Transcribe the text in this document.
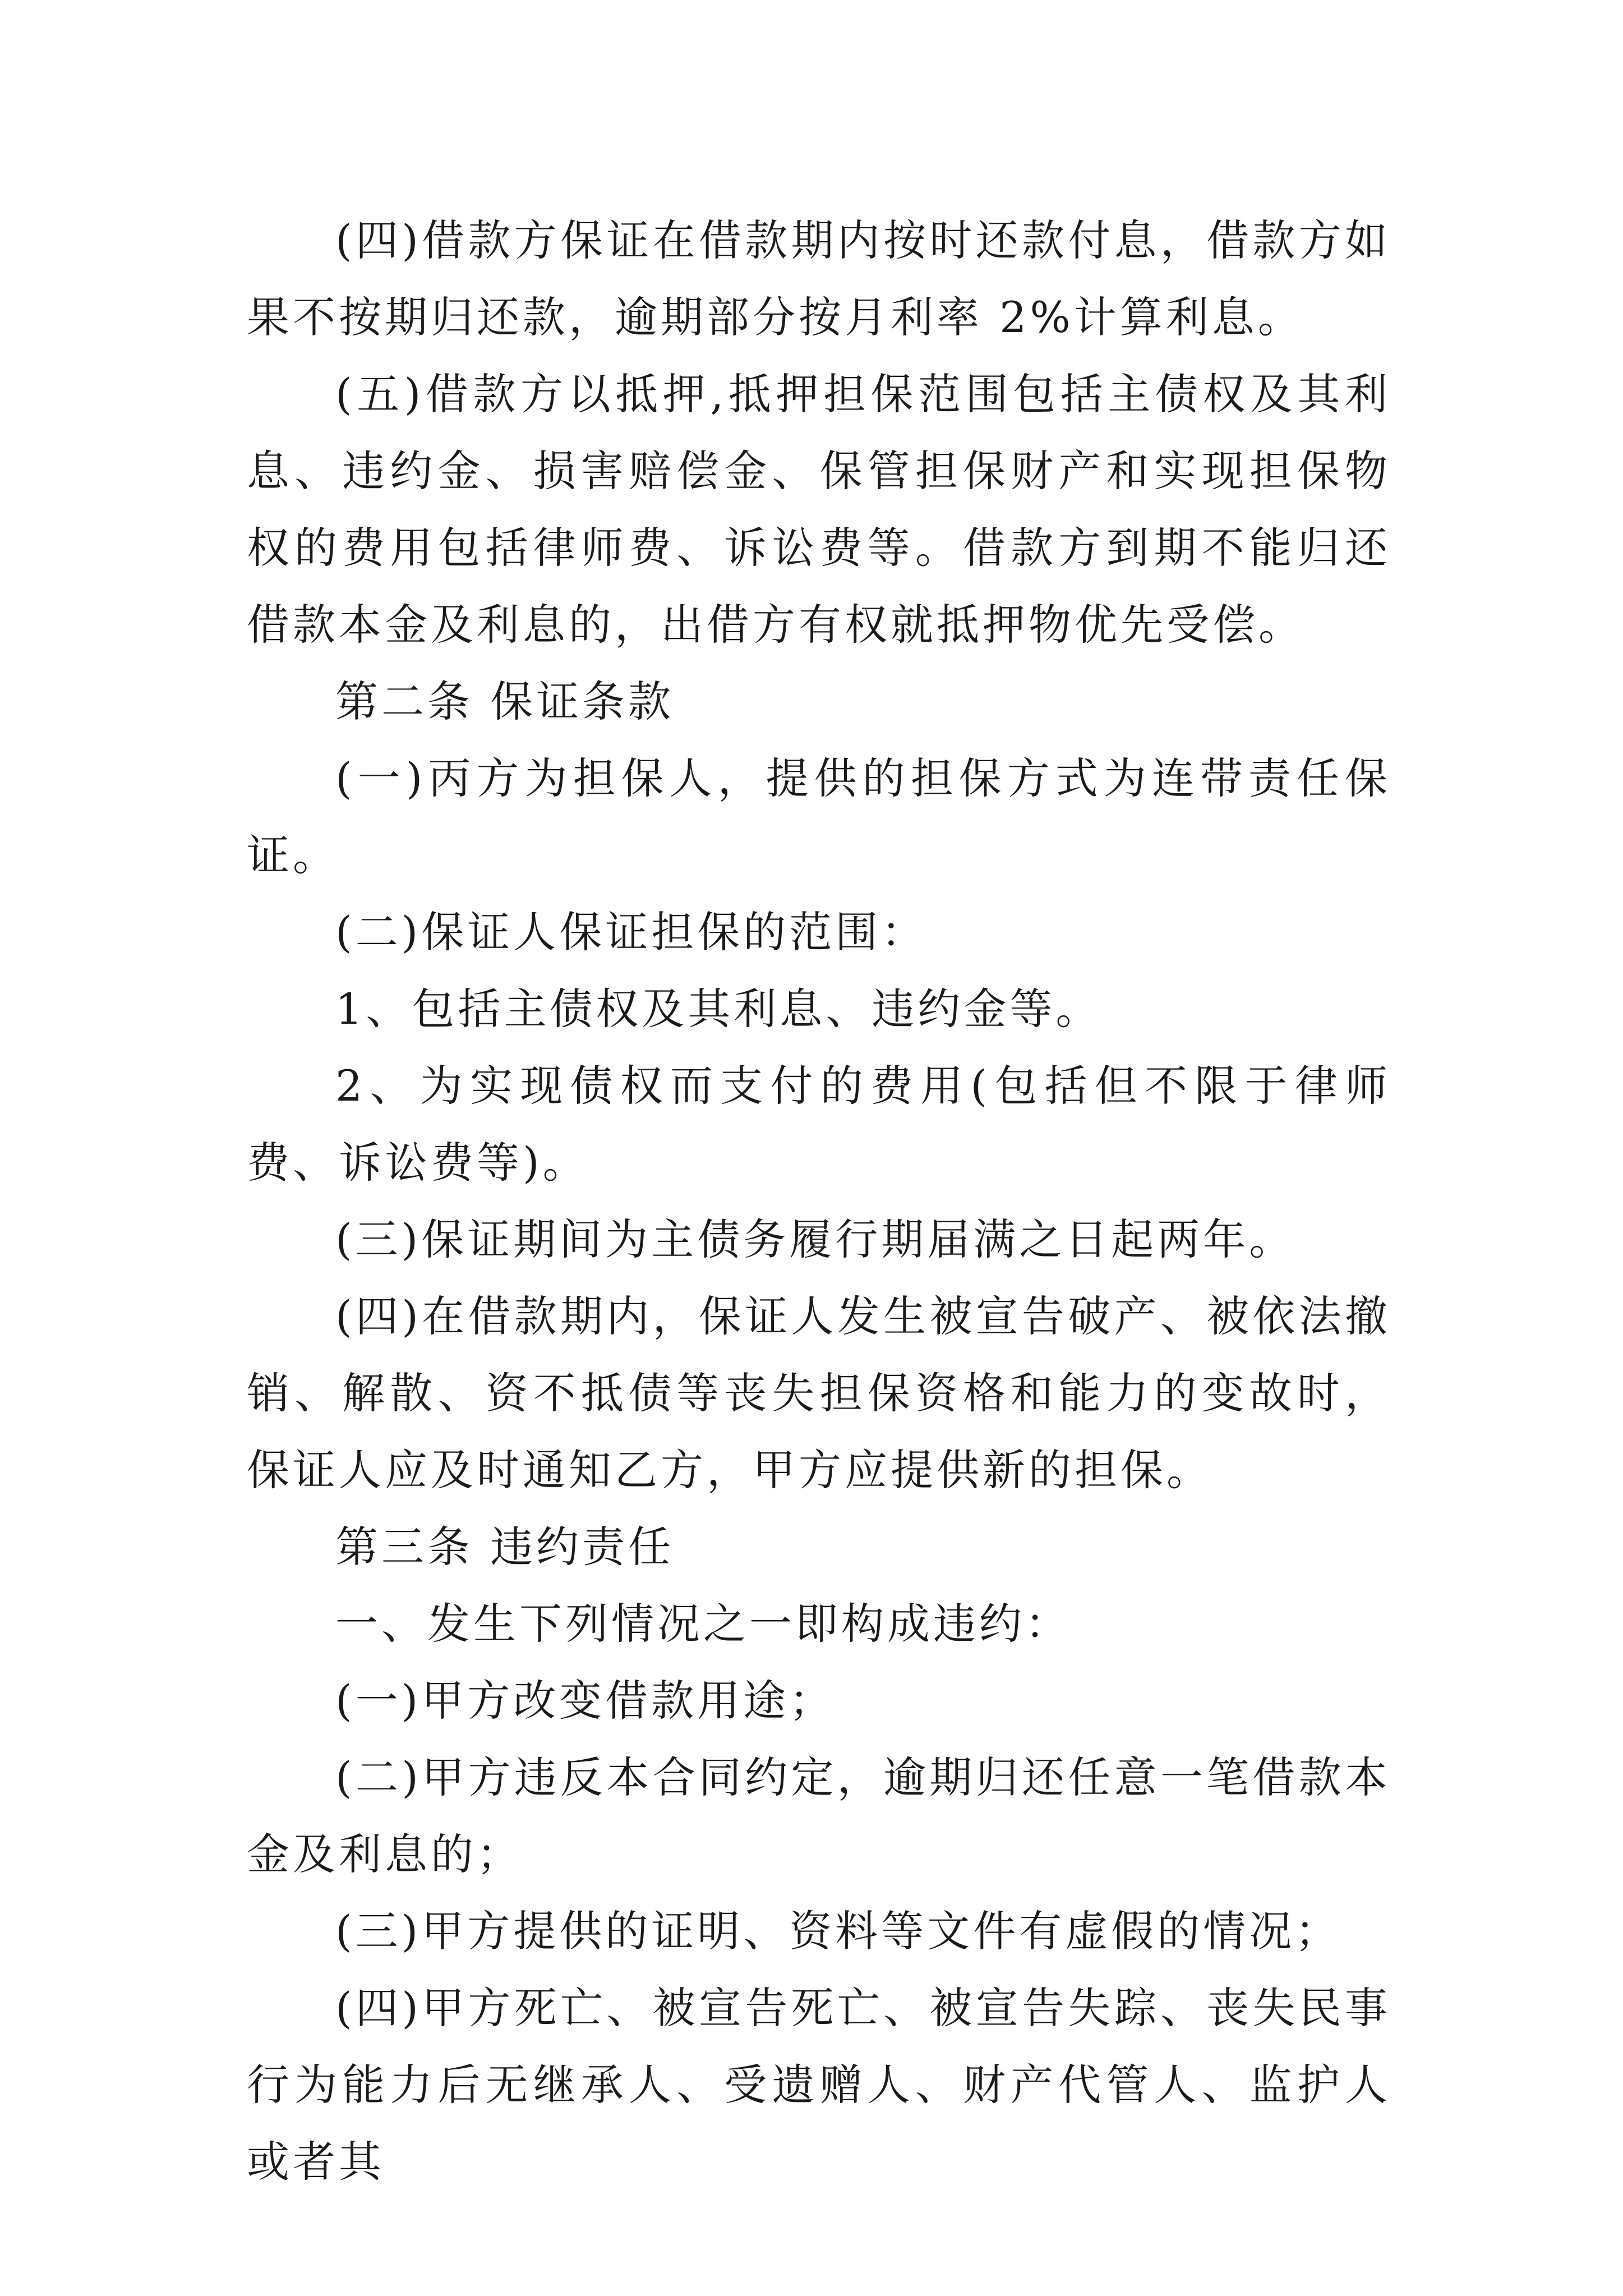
(四)借款方保证在借款期内按时还款付息，借款方如果不按期归还款，逾期部分按月利率 2%计算利息。

(五)借款方以抵押,抵押担保范围包括主债权及其利息、违约金、损害赔偿金、保管担保财产和实现担保物权的费用包括律师费、诉讼费等。借款方到期不能归还借款本金及利息的，出借方有权就抵押物优先受偿。

第二条 保证条款

(一)丙方为担保人，提供的担保方式为连带责任保证。

(二)保证人保证担保的范围：

1、包括主债权及其利息、违约金等。

2、为实现债权而支付的费用(包括但不限于律师费、诉讼费等)。

(三)保证期间为主债务履行期届满之日起两年。

(四)在借款期内，保证人发生被宣告破产、被依法撤销、解散、资不抵债等丧失担保资格和能力的变故时，保证人应及时通知乙方，甲方应提供新的担保。

第三条 违约责任

一、发生下列情况之一即构成违约：

(一)甲方改变借款用途；

(二)甲方违反本合同约定，逾期归还任意一笔借款本金及利息的；

(三)甲方提供的证明、资料等文件有虚假的情况；

(四)甲方死亡、被宣告死亡、被宣告失踪、丧失民事行为能力后无继承人、受遗赠人、财产代管人、监护人或者其
